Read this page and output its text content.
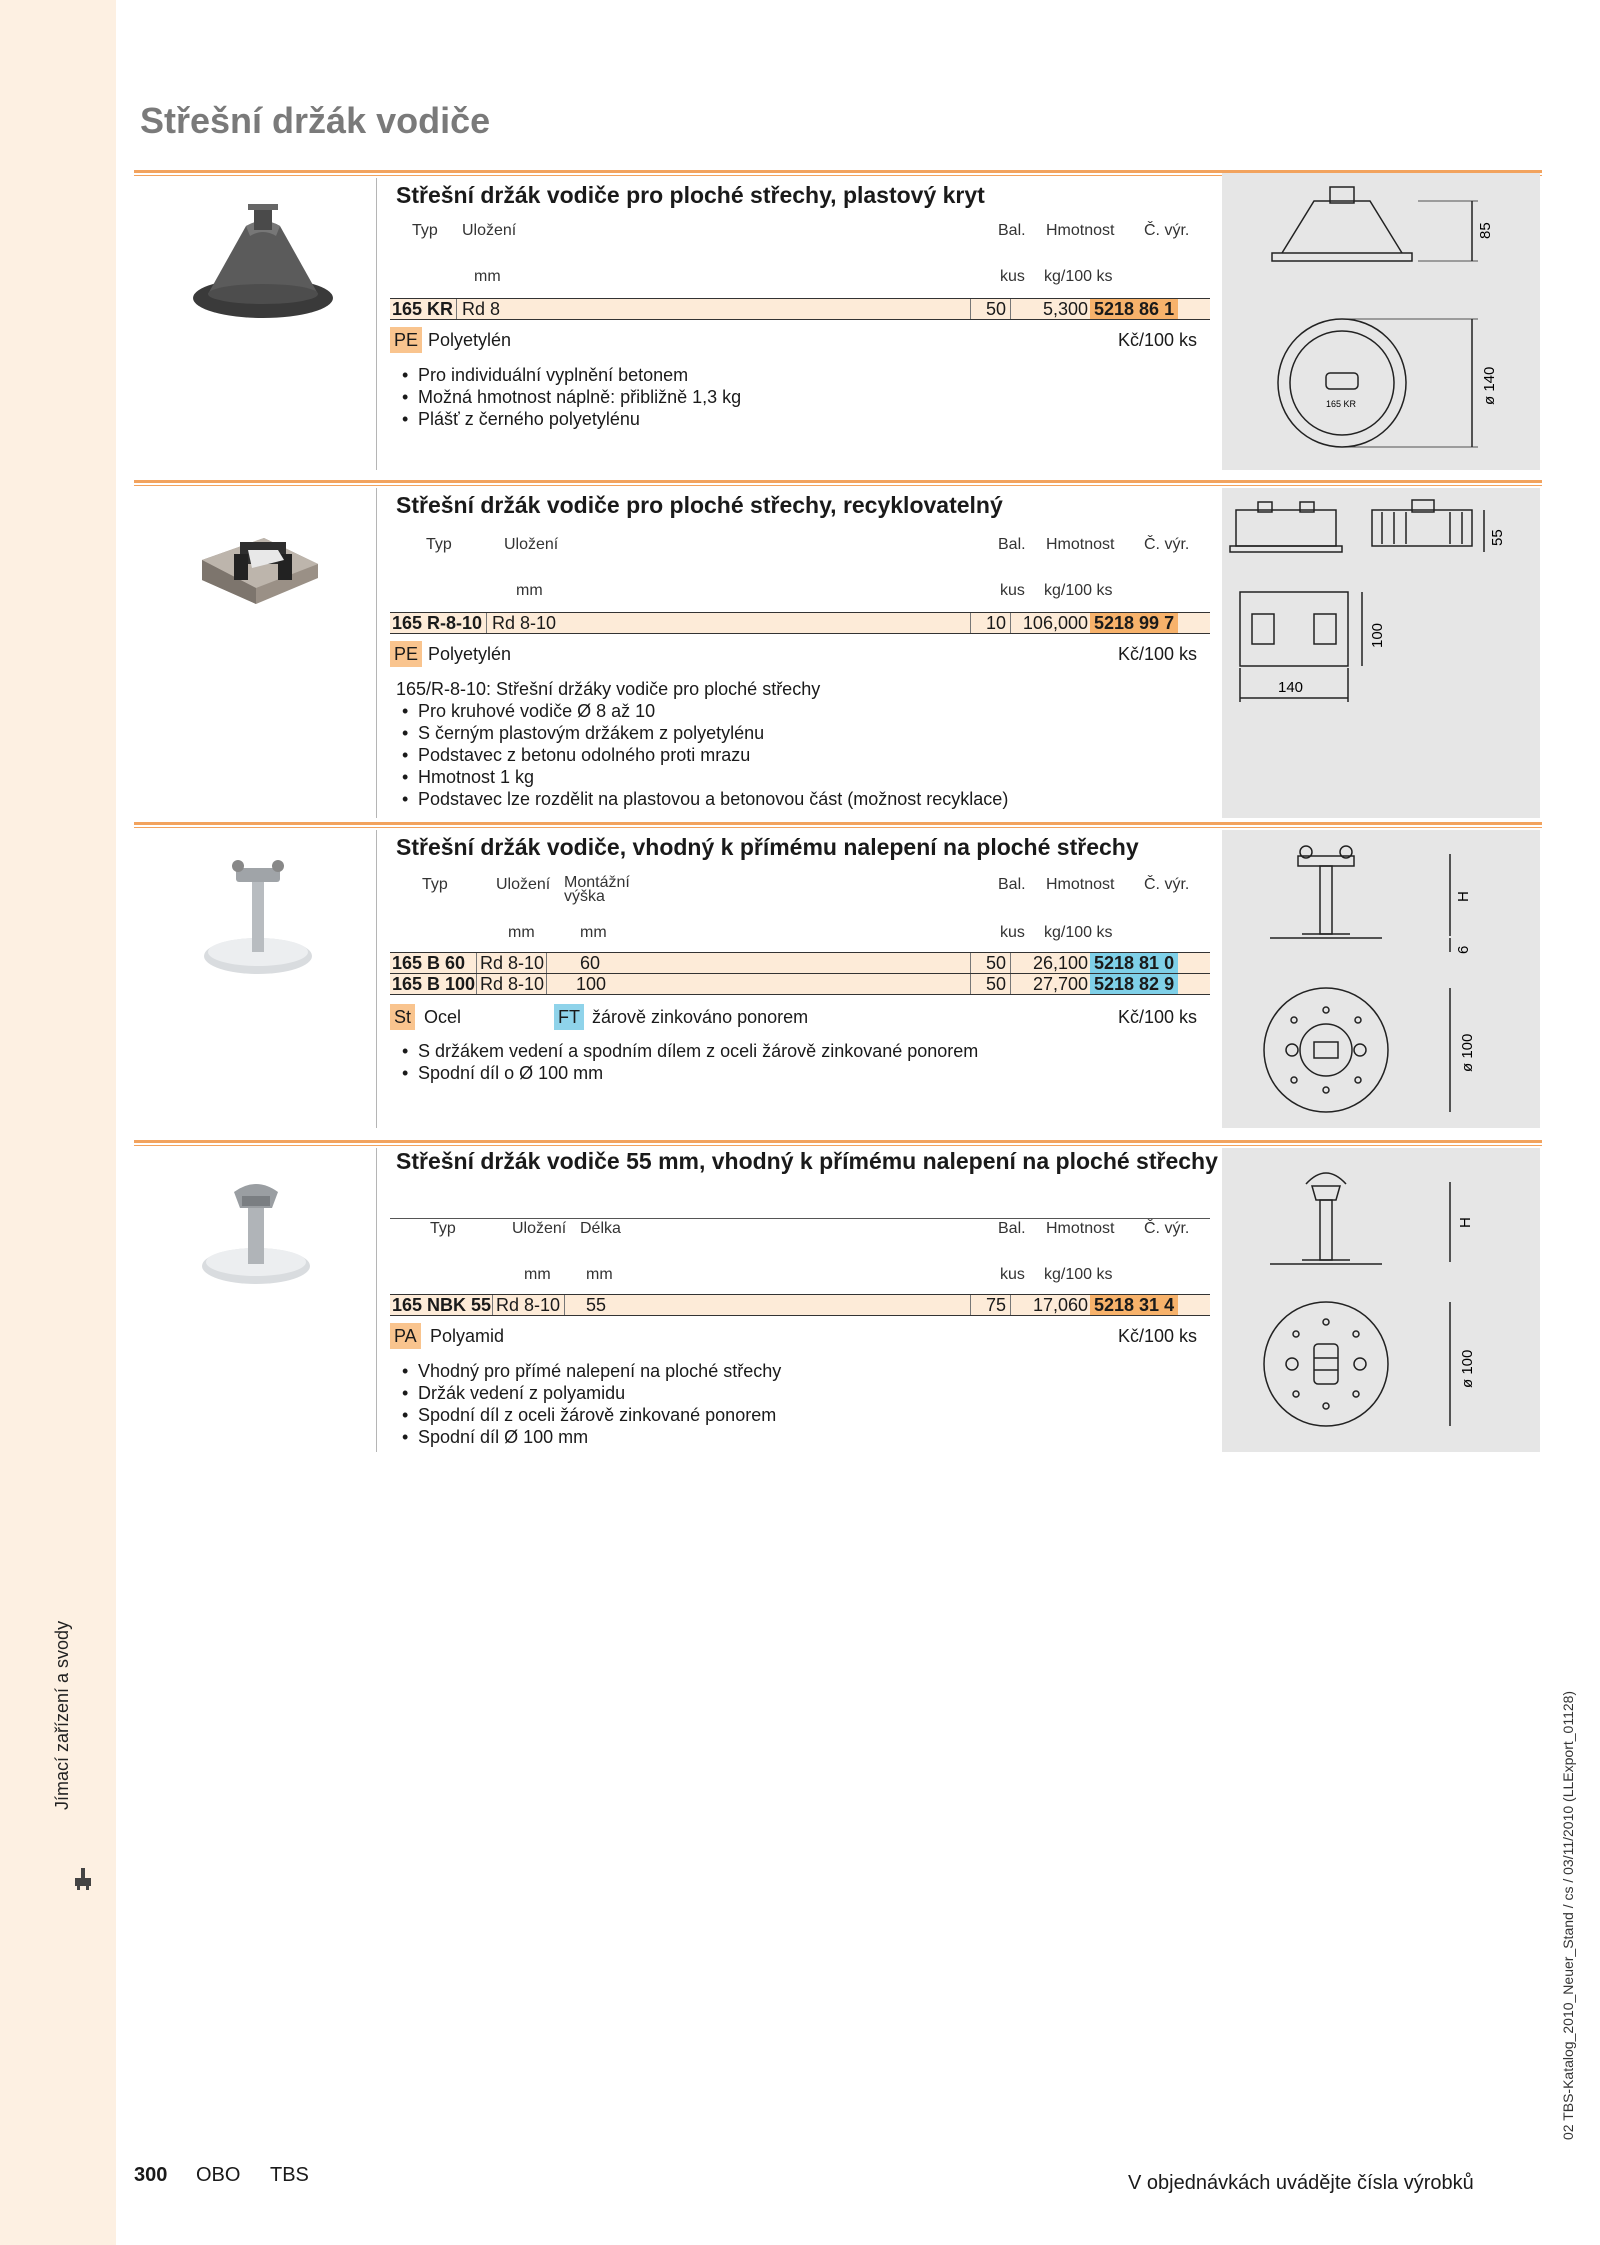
Jímací zařízení a svody	02 TBS-Katalog_2010_Neuer_Stand / cs / 03/11/2010 (LLExport_01128)
Střešní držák vodiče
Střešní držák vodiče pro ploché střechy, plastový kryt
Typ Uložení	Bal. Hmotnost Č. výr.
mm	kus kg/100 ks
165 KR Rd 8	50	5,300 5218 86 1
PE Polyetylén	Kč/100 ks
• Pro individuální vyplnění betonem
• Možná hmotnost náplně: přibližně 1,3 kg
• Plášť z černého polyetylénu
85
ø 140
165 KR
Střešní držák vodiče pro ploché střechy, recyklovatelný
Typ	Uložení	Bal. Hmotnost Č. výr.
mm	kus kg/100 ks
165 R-8-10 Rd 8-10	10 106,000 5218 99 7
PE Polyetylén	Kč/100 ks
165/R-8-10: Střešní držáky vodiče pro ploché střechy
• Pro kruhové vodiče Ø 8 až 10
• S černým plastovým držákem z polyetylénu
• Podstavec z betonu odolného proti mrazu
• Hmotnost 1 kg
• Podstavec lze rozdělit na plastovou a betonovou část (možnost recyklace)
55
100
140
Střešní držák vodiče, vhodný k přímému nalepení na ploché střechy
Typ	Uložení Montážní výška
Bal. Hmotnost Č. výr.
mm	mm	kus kg/100 ks
165 B 60 Rd 8-10 60	50	26,100 5218 81 0
165 B 100 Rd 8-10 100	50	27,700 5218 82 9
St Ocel	FT žárově zinkováno ponorem	Kč/100 ks
• S držákem vedení a spodním dílem z oceli žárově zinkované ponorem
• Spodní díl o Ø 100 mm
H
6
ø 100
Střešní držák vodiče 55 mm, vhodný k přímému nalepení na ploché střechy
Typ	Uložení Délka	Bal. Hmotnost Č. výr.
mm mm	kus kg/100 ks
165 NBK 55 Rd 8-10 55	75	17,060 5218 31 4
PA Polyamid	Kč/100 ks
• Vhodný pro přímé nalepení na ploché střechy
• Držák vedení z polyamidu
• Spodní díl z oceli žárově zinkované ponorem
• Spodní díl Ø 100 mm
H
ø 100
300 OBO TBS	V objednávkách uvádějte čísla výrobků
